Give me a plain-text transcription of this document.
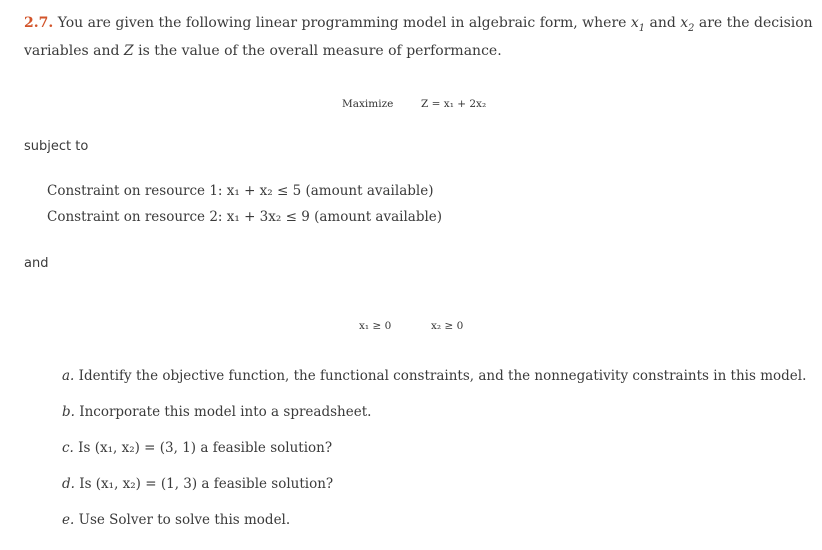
2.7. You are given the following linear programming model in algebraic form, where $x_1$ and $x_2$ are the decision variables and Z is the value of the overall measure of performance.
Maximize	Z = x₁ + 2x₂
subject to
Constraint on resource 1: x₁ + x₂ ≤ 5 (amount available)
Constraint on resource 2: x₁ + 3x₂ ≤ 9 (amount available)
and
x₁ ≥ 0	x₂ ≥ 0
a. Identify the objective function, the functional constraints, and the nonnegativity constraints in this model.
b. Incorporate this model into a spreadsheet.
c. Is (x₁, x₂) = (3, 1) a feasible solution?
d. Is (x₁, x₂) = (1, 3) a feasible solution?
e. Use Solver to solve this model.
